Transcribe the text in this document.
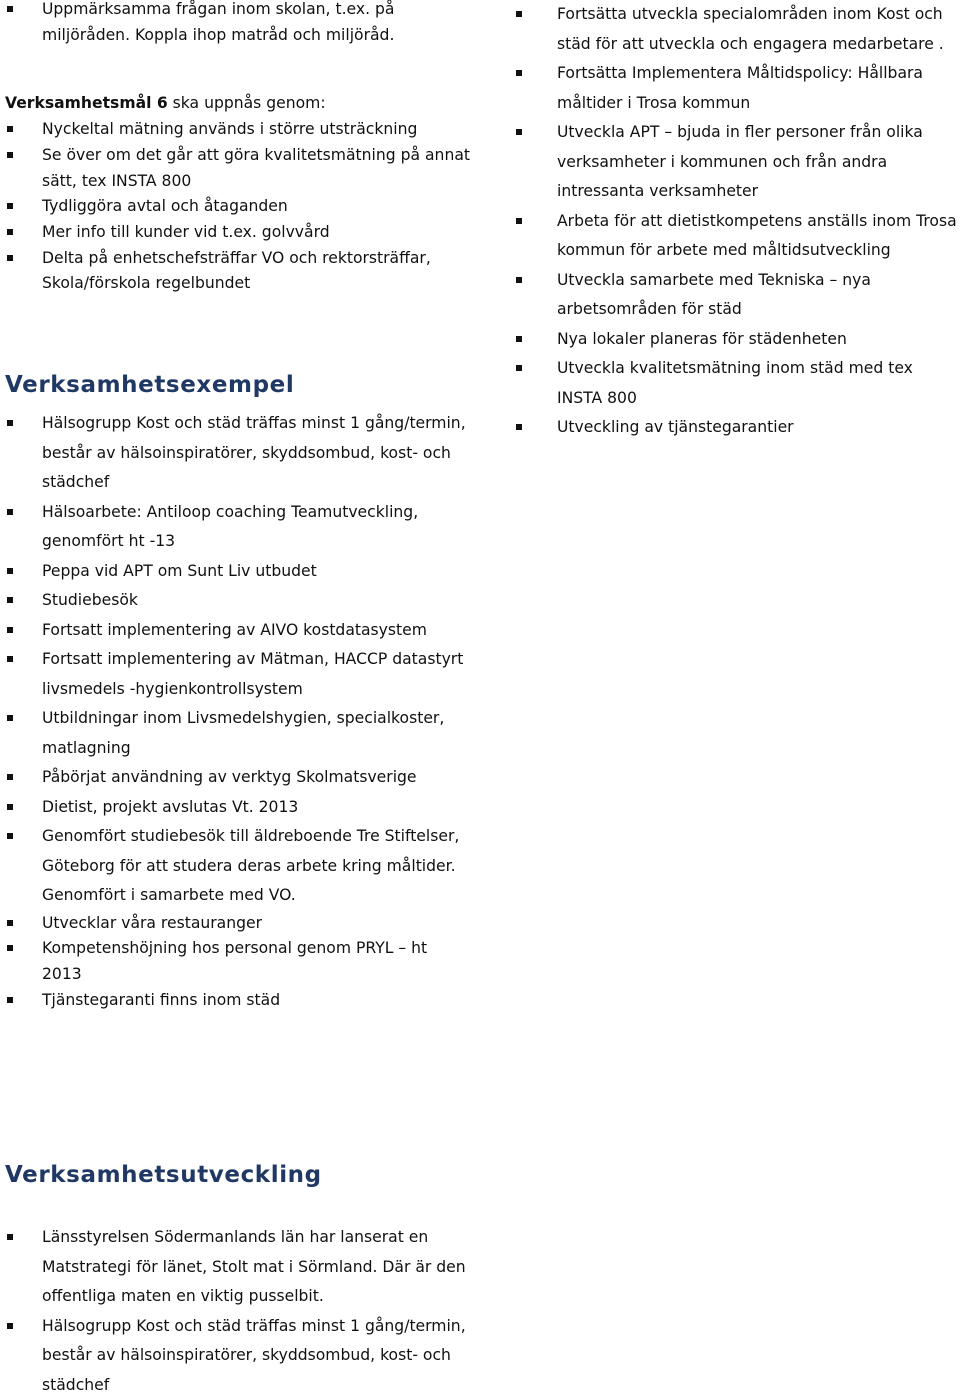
Uppmärksamma frågan inom skolan, t.ex. på miljöråden. Koppla ihop matråd och miljöråd.
Verksamhetsmål 6 ska uppnås genom:
Nyckeltal mätning används i större utsträckning
Se över om det går att göra kvalitetsmätning på annat sätt, tex INSTA 800
Tydliggöra avtal och åtaganden
Mer info till kunder vid t.ex. golvvård
Delta på enhetschefsträffar VO och rektorsträffar, Skola/förskola regelbundet
Verksamhetsexempel
Hälsogrupp Kost och städ träffas minst 1 gång/termin, består av hälsoinspiratörer, skyddsombud, kost- och städchef
Hälsoarbete: Antiloop coaching Teamutveckling, genomfört ht -13
Peppa vid APT om Sunt Liv utbudet
Studiebesök
Fortsatt implementering av AIVO kostdatasystem
Fortsatt implementering av Mätman, HACCP datastyrt livsmedels -hygienkontrollsystem
Utbildningar inom Livsmedelshygien, specialkoster, matlagning
Påbörjat användning av verktyg Skolmatsverige
Dietist, projekt avslutas Vt. 2013
Genomfört studiebesök till äldreboende Tre Stiftelser, Göteborg för att studera deras arbete kring måltider. Genomfört i samarbete med VO.
Utvecklar våra restauranger
Kompetenshöjning hos personal genom PRYL – ht 2013
Tjänstegaranti finns inom städ
Fortsätta utveckla specialområden inom Kost och städ för att utveckla och engagera medarbetare .
Fortsätta Implementera Måltidspolicy: Hållbara måltider i Trosa kommun
Utveckla APT – bjuda in fler personer från olika verksamheter i kommunen och från andra intressanta verksamheter
Arbeta för att dietistkompetens anställs inom Trosa kommun för arbete med måltidsutveckling
Utveckla samarbete med Tekniska – nya arbetsområden för städ
Nya lokaler planeras för städenheten
Utveckla kvalitetsmätning inom städ med tex INSTA 800
Utveckling av tjänstegarantier
Verksamhetsutveckling
Länsstyrelsen Södermanlands län har lanserat en Matstrategi för länet, Stolt mat i Sörmland. Där är den offentliga maten en viktig pusselbit.
Hälsogrupp Kost och städ träffas minst 1 gång/termin, består av hälsoinspiratörer, skyddsombud, kost- och städchef
